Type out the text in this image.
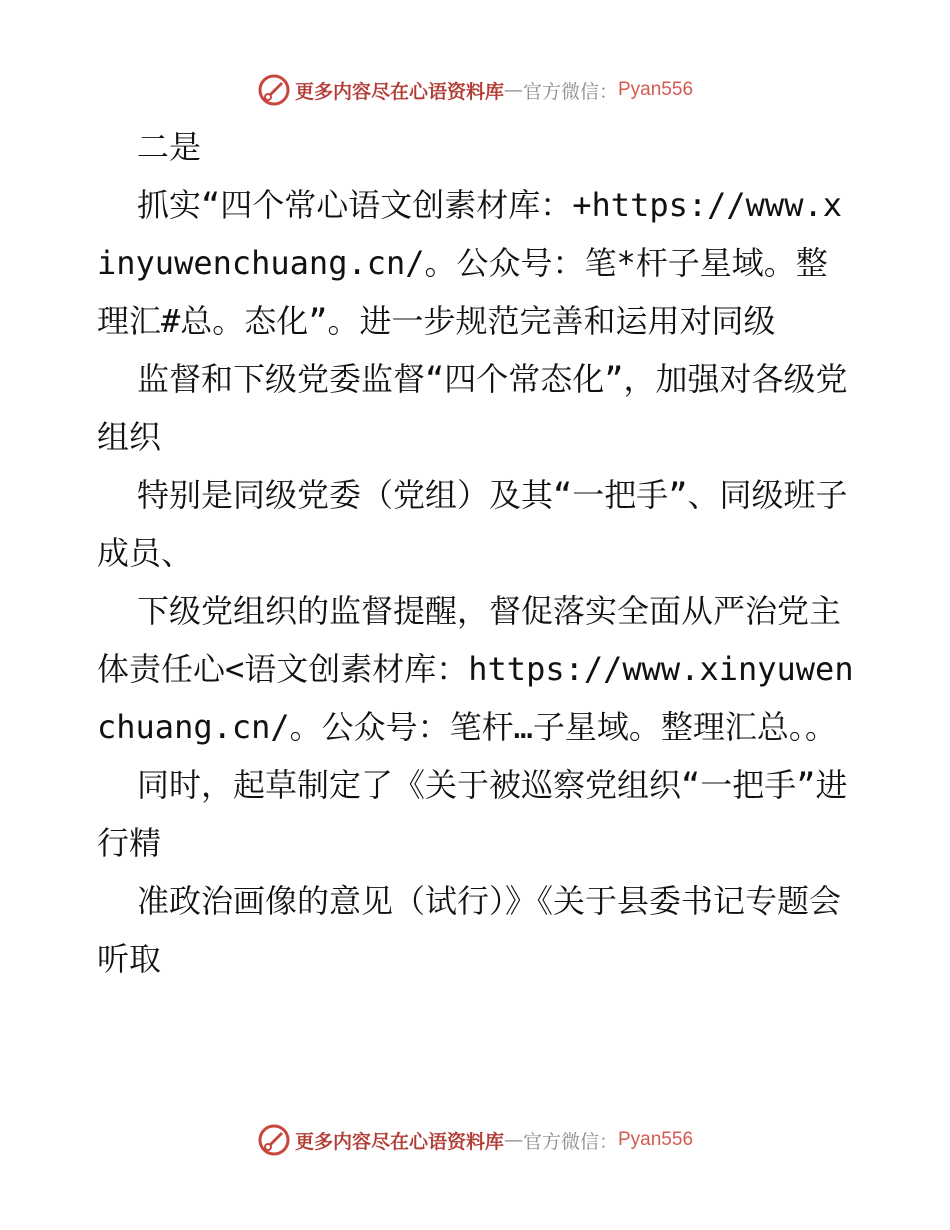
更多内容尽在心语资料库 — 官方微信： Pyan556

二是

抓实“四个常心语文创素材库：+https://www.xinyuwenchuang.cn/。公众号：笔*杆子星域。整理汇#总。态化”。进一步规范完善和运用对同级

监督和下级党委监督“四个常态化”，加强对各级党组织

特别是同级党委（党组）及其“一把手”、同级班子成员、

下级党组织的监督提醒，督促落实全面从严治党主体责任心<语文创素材库：https://www.xinyuwenchuang.cn/。公众号：笔杆…子星域。整理汇总。。

同时，起草制定了《关于被巡察党组织“一把手”进行精

准政治画像的意见（试行）》《关于县委书记专题会听取

更多内容尽在心语资料库 — 官方微信： Pyan556
